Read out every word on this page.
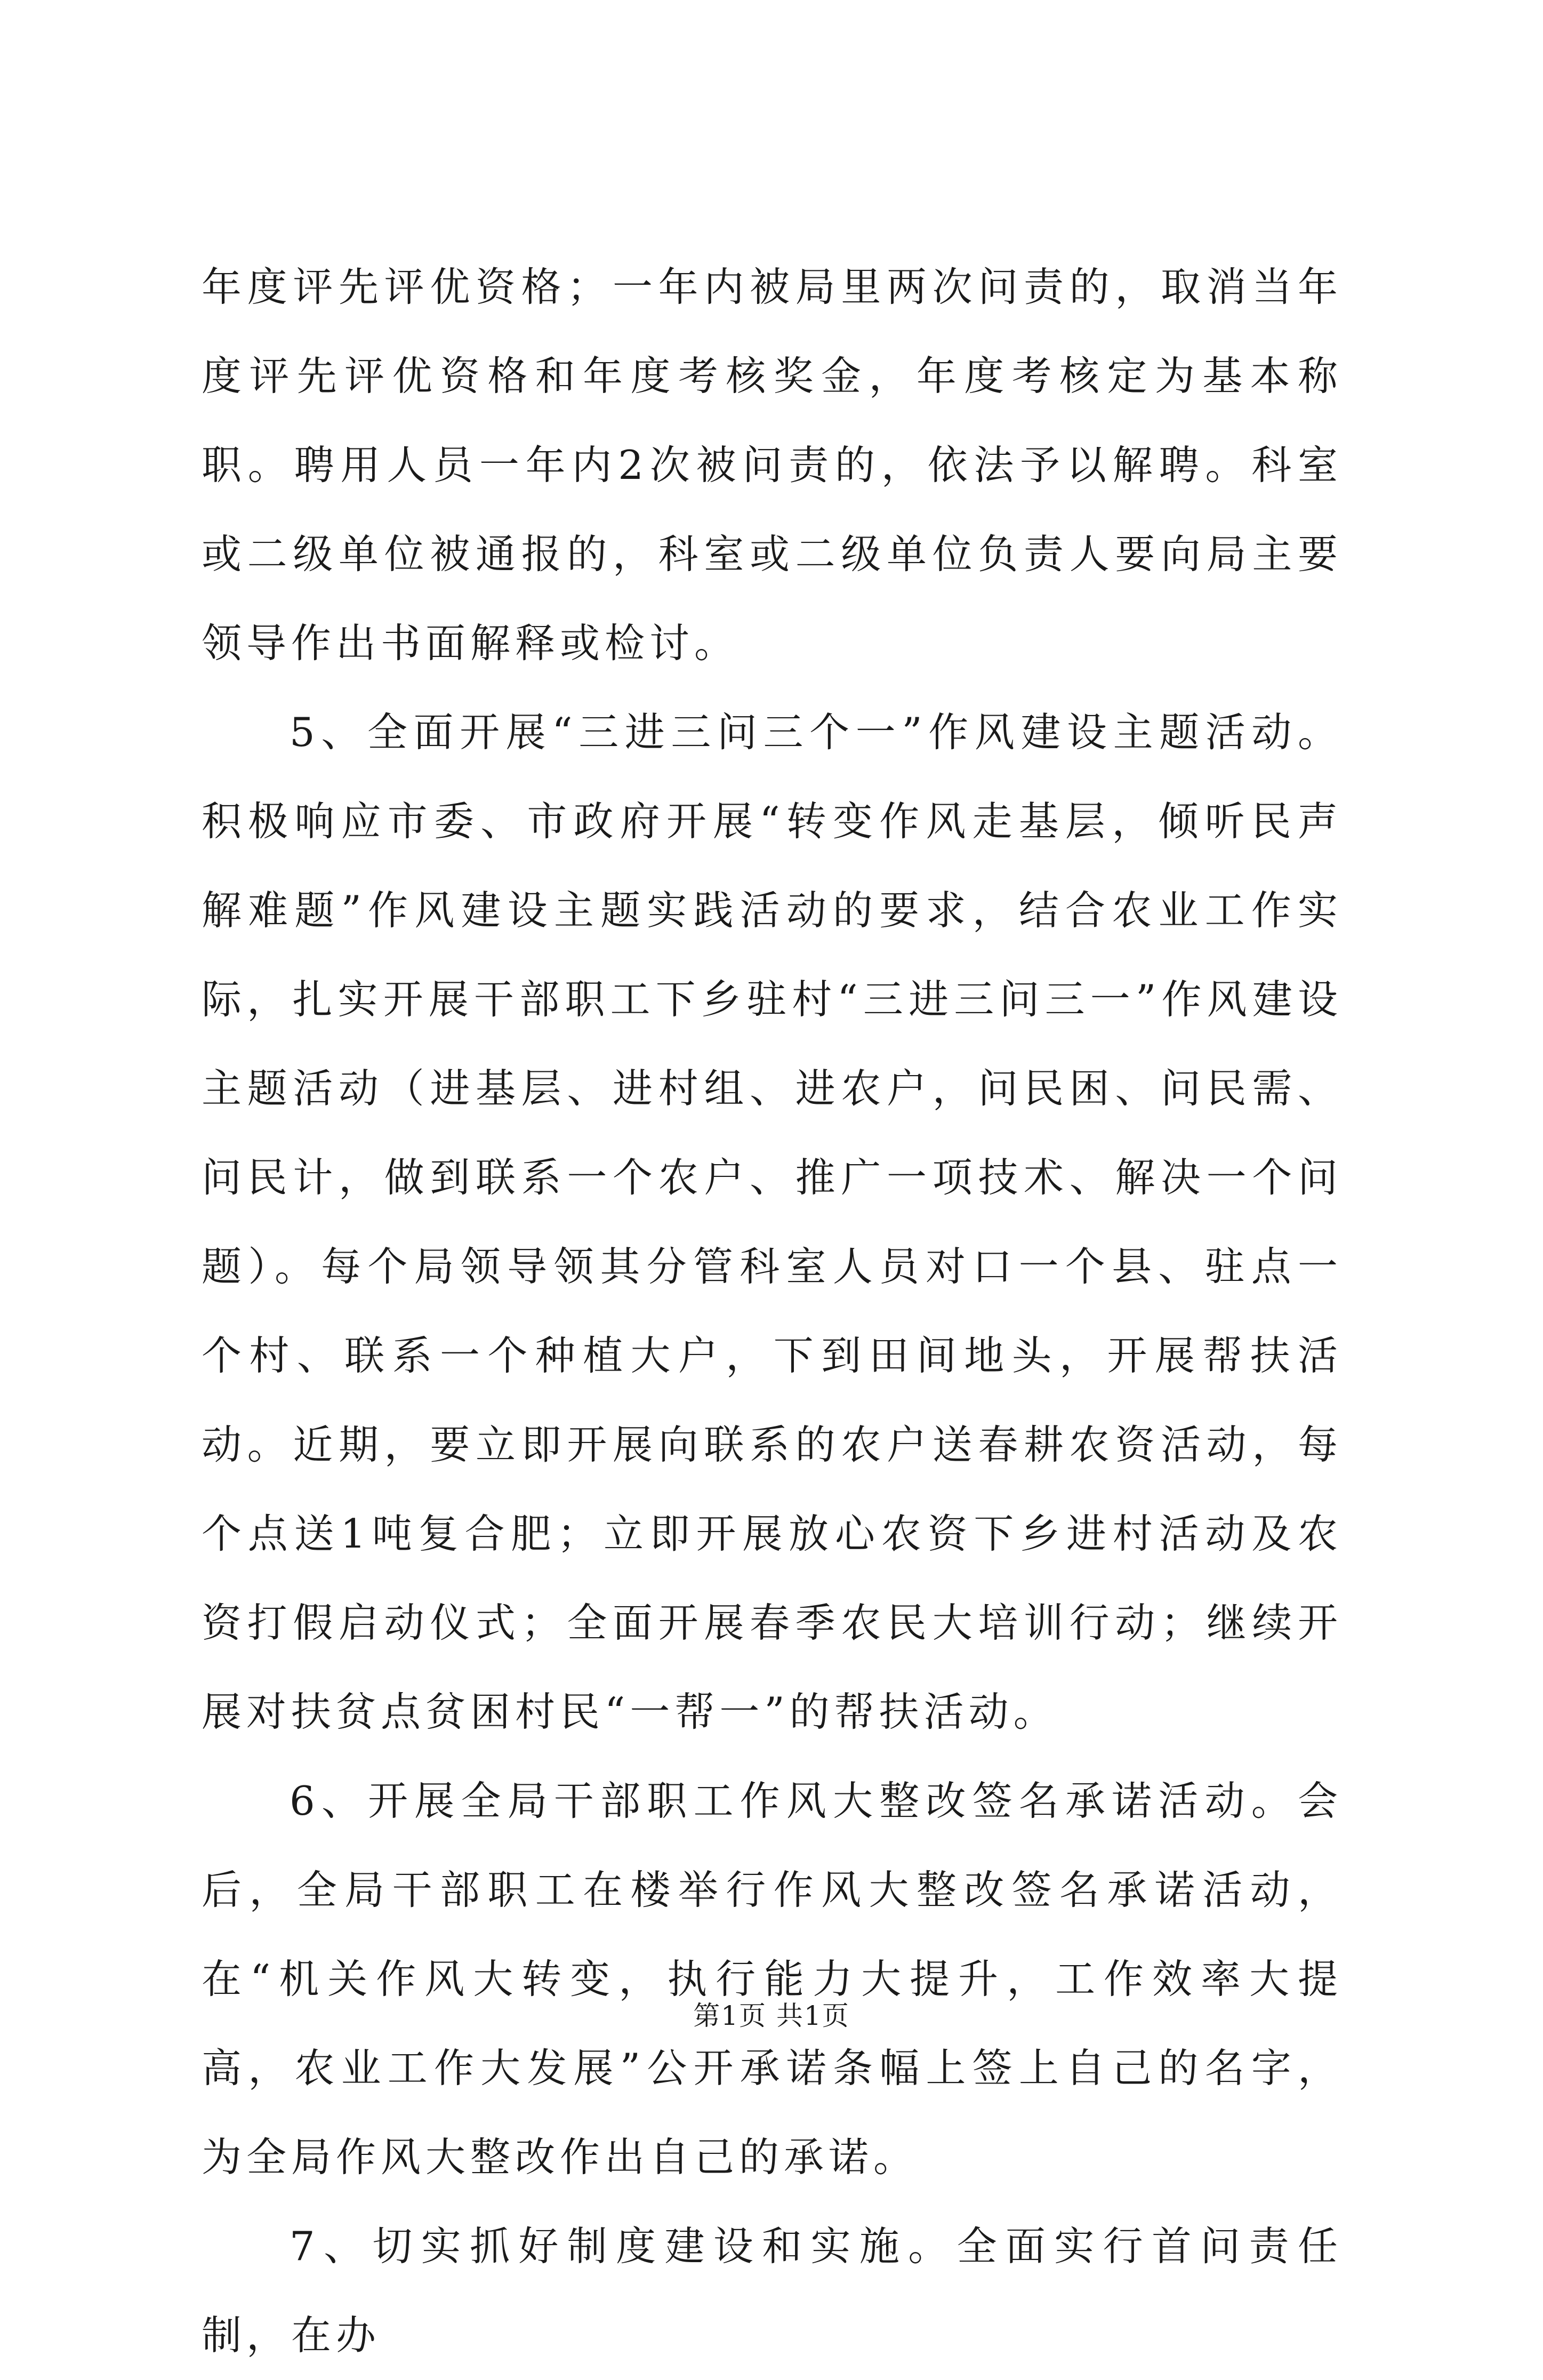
年度评先评优资格；一年内被局里两次问责的，取消当年度评先评优资格和年度考核奖金，年度考核定为基本称职。聘用人员一年内2次被问责的，依法予以解聘。科室或二级单位被通报的，科室或二级单位负责人要向局主要领导作出书面解释或检讨。

5、全面开展“三进三问三个一”作风建设主题活动。积极响应市委、市政府开展“转变作风走基层，倾听民声解难题”作风建设主题实践活动的要求，结合农业工作实际，扎实开展干部职工下乡驻村“三进三问三一”作风建设主题活动（进基层、进村组、进农户，问民困、问民需、问民计，做到联系一个农户、推广一项技术、解决一个问题）。每个局领导领其分管科室人员对口一个县、驻点一个村、联系一个种植大户，下到田间地头，开展帮扶活动。近期，要立即开展向联系的农户送春耕农资活动，每个点送1吨复合肥；立即开展放心农资下乡进村活动及农资打假启动仪式；全面开展春季农民大培训行动；继续开展对扶贫点贫困村民“一帮一”的帮扶活动。

6、开展全局干部职工作风大整改签名承诺活动。会后，全局干部职工在楼举行作风大整改签名承诺活动，在“机关作风大转变，执行能力大提升，工作效率大提高，农业工作大发展”公开承诺条幅上签上自己的名字，为全局作风大整改作出自己的承诺。

7、切实抓好制度建设和实施。全面实行首问责任制，在办

第1页 共1页
